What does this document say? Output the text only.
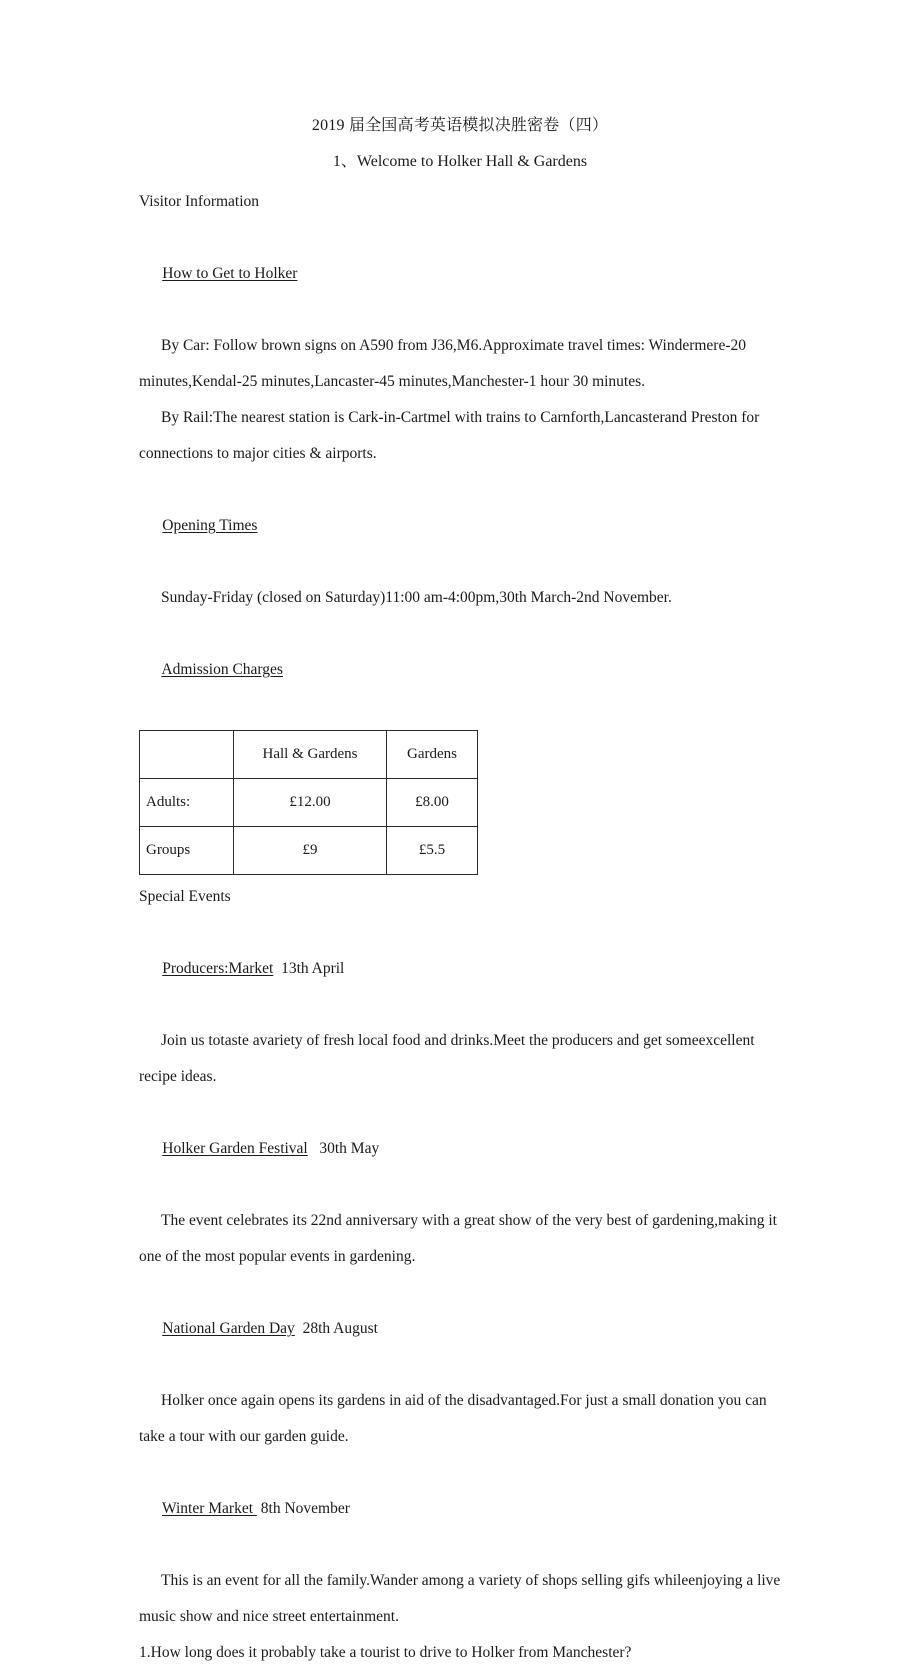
2019 届全国高考英语模拟决胜密卷（四）
1、Welcome to Holker Hall & Gardens
Visitor Information

How to Get to Holker

By Car: Follow brown signs on A590 from J36,M6.Approximate travel times: Windermere-20 minutes,Kendal-25 minutes,Lancaster-45 minutes,Manchester-1 hour 30 minutes.

By Rail:The nearest station is Cark-in-Cartmel with trains to Carnforth,Lancasterand Preston for connections to major cities & airports.

Opening Times

Sunday-Friday (closed on Saturday)11:00 am-4:00pm,30th March-2nd November.

Admission Charges

	Hall & Gardens	Gardens
Adults:	£12.00	£8.00
Groups	£9	£5.5
Special Events

Producers:Market 13th April

Join us totaste avariety of fresh local food and drinks.Meet the producers and get someexcellent recipe ideas.

Holker Garden Festival 30th May

The event celebrates its 22nd anniversary with a great show of the very best of gardening,making it one of the most popular events in gardening.

National Garden Day 28th August

Holker once again opens its gardens in aid of the disadvantaged.For just a small donation you can take a tour with our garden guide.

Winter Market  8th November

This is an event for all the family.Wander among a variety of shops selling gifs whileenjoying a live music show and nice street entertainment.

1.How long does it probably take a tourist to drive to Holker from Manchester?
